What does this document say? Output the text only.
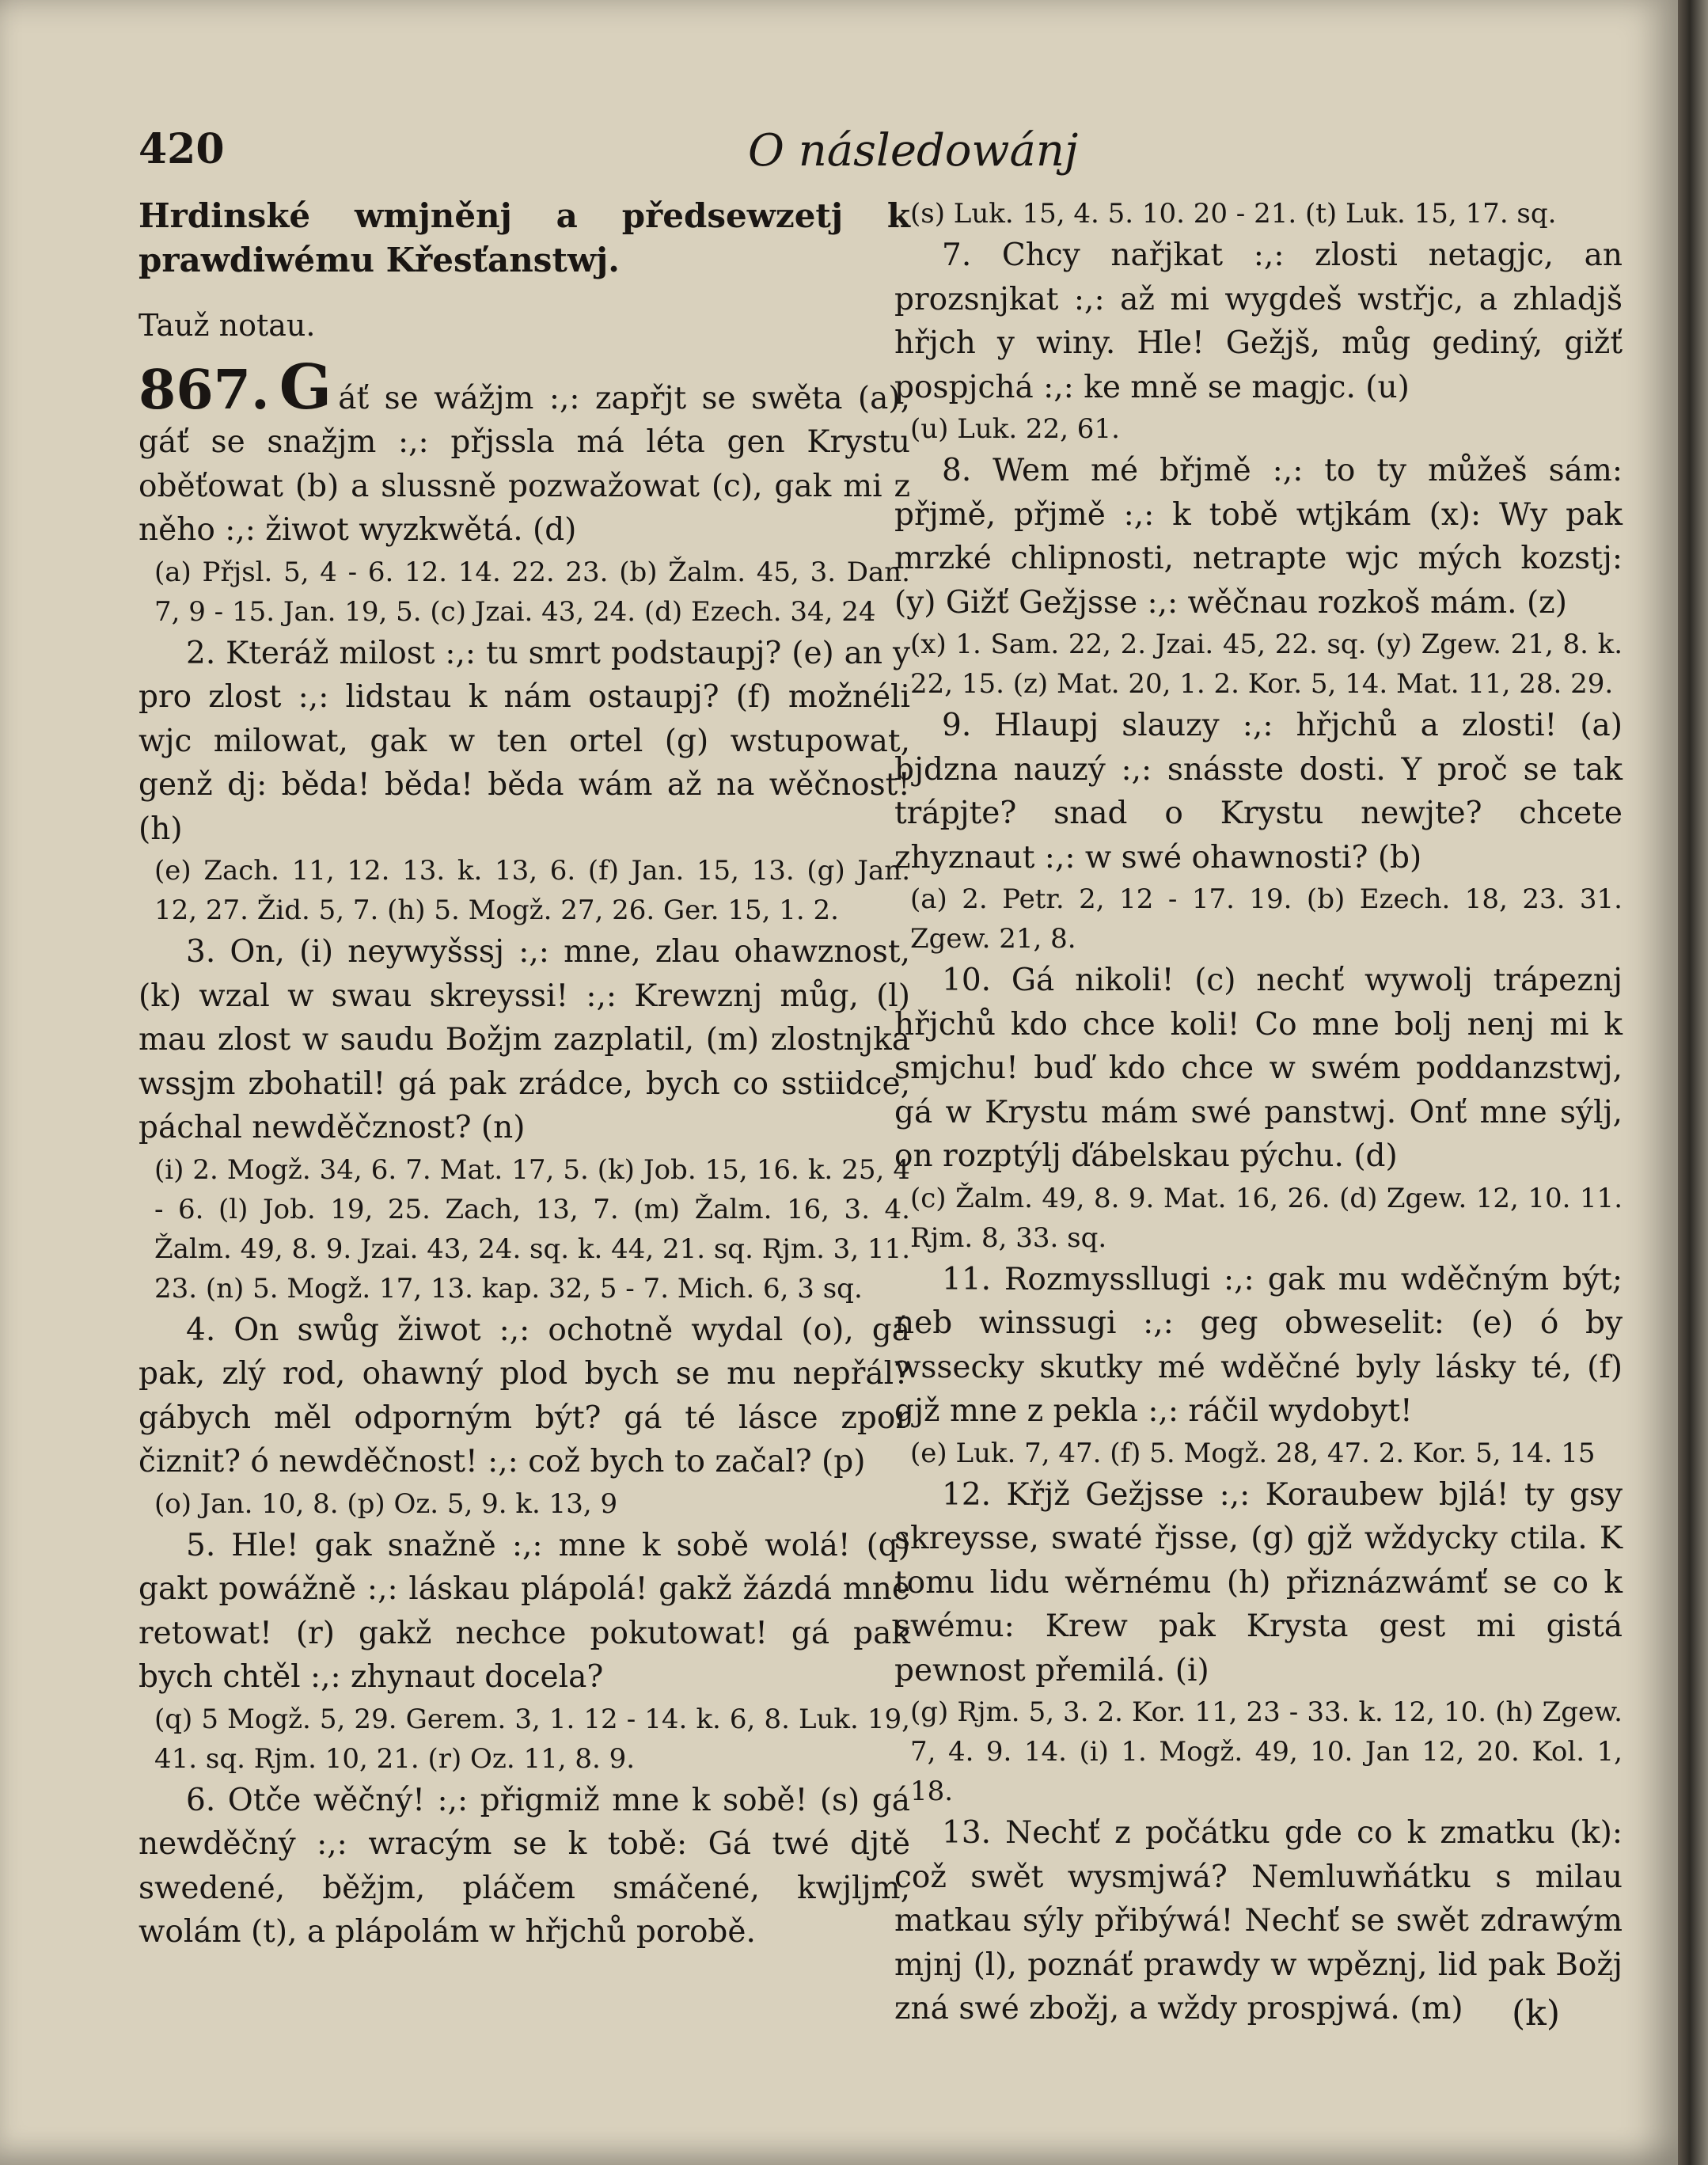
420	O následowánj

Hrdinské wmjněnj a předsewzetj k prawdiwému Křesťanstwj.

Tauž notau.

867. G áť se wážjm :,: zapřjt se swěta (a), gáť se snažjm :,: přjssla má léta gen Krystu oběťowat (b) a slussně pozwažowat (c), gak mi z něho :,: žiwot wyzkwětá. (d)

(a) Přjsl. 5, 4 - 6. 12. 14. 22. 23. (b) Žalm. 45, 3. Dan. 7, 9 - 15. Jan. 19, 5. (c) Jzai. 43, 24. (d) Ezech. 34, 24

2. Kteráž milost :,: tu smrt podstaupj? (e) an y pro zlost :,: lidstau k nám ostaupj? (f) možnéli wjc milowat, gak w ten ortel (g) wstupowat, genž dj: běda! běda! běda wám až na wěčnost! (h)

(e) Zach. 11, 12. 13. k. 13, 6. (f) Jan. 15, 13. (g) Jan. 12, 27. Žid. 5, 7. (h) 5. Mogž. 27, 26. Ger. 15, 1. 2.

3. On, (i) neywyšssj :,: mne, zlau ohawznost, (k) wzal w swau skreyssi! :,: Krewznj můg, (l) mau zlost w saudu Božjm zazplatil, (m) zlostnjka wssjm zbohatil! gá pak zrádce, bych co sstiidce, páchal newděčznost? (n)

(i) 2. Mogž. 34, 6. 7. Mat. 17, 5. (k) Job. 15, 16. k. 25, 4 - 6. (l) Job. 19, 25. Zach, 13, 7. (m) Žalm. 16, 3. 4. Žalm. 49, 8. 9. Jzai. 43, 24. sq. k. 44, 21. sq. Rjm. 3, 11. 23. (n) 5. Mogž. 17, 13. kap. 32, 5 - 7. Mich. 6, 3 sq.

4. On swůg žiwot :,: ochotně wydal (o), gá pak, zlý rod, ohawný plod bych se mu nepřál? gábych měl odporným být? gá té lásce zpor čiznit? ó newděčnost! :,: což bych to začal? (p)

(o) Jan. 10, 8. (p) Oz. 5, 9. k. 13, 9

5. Hle! gak snažně :,: mne k sobě wolá! (q) gakt powážně :,: láskau plápolá! gakž žázdá mne retowat! (r) gakž nechce pokutowat! gá pak bych chtěl :,: zhynaut docela?

(q) 5 Mogž. 5, 29. Gerem. 3, 1. 12 - 14. k. 6, 8. Luk. 19, 41. sq. Rjm. 10, 21. (r) Oz. 11, 8. 9.

6. Otče wěčný! :,: přigmiž mne k sobě! (s) gá newděčný :,: wracým se k tobě: Gá twé djtě swedené, běžjm, pláčem smáčené, kwjljm, wolám (t), a plápolám w hřjchů porobě.

(s) Luk. 15, 4. 5. 10. 20 - 21. (t) Luk. 15, 17. sq.

7. Chcy nařjkat :,: zlosti netagjc, an prozsnjkat :,: až mi wygdeš wstřjc, a zhladjš hřjch y winy. Hle! Gežjš, můg gediný, gižť pospjchá :,: ke mně se magjc. (u)

(u) Luk. 22, 61.

8. Wem mé břjmě :,: to ty můžeš sám: přjmě, přjmě :,: k tobě wtjkám (x): Wy pak mrzké chlipnosti, netrapte wjc mých kozstj: (y) Gižť Gežjsse :,: wěčnau rozkoš mám. (z)

(x) 1. Sam. 22, 2. Jzai. 45, 22. sq. (y) Zgew. 21, 8. k. 22, 15. (z) Mat. 20, 1. 2. Kor. 5, 14. Mat. 11, 28. 29.

9. Hlaupj slauzy :,: hřjchů a zlosti! (a) bjdzna nauzý :,: snásste dosti. Y proč se tak trápjte? snad o Krystu newjte? chcete zhyznaut :,: w swé ohawnosti? (b)

(a) 2. Petr. 2, 12 - 17. 19. (b) Ezech. 18, 23. 31. Zgew. 21, 8.

10. Gá nikoli! (c) nechť wywolj trápeznj hřjchů kdo chce koli! Co mne bolj nenj mi k smjchu! buď kdo chce w swém poddanzstwj, gá w Krystu mám swé panstwj. Onť mne sýlj, on rozptýlj ďábelskau pýchu. (d)

(c) Žalm. 49, 8. 9. Mat. 16, 26. (d) Zgew. 12, 10. 11. Rjm. 8, 33. sq.

11. Rozmyssllugi :,: gak mu wděčným být; neb winssugi :,: geg obweselit: (e) ó by wssecky skutky mé wděčné byly lásky té, (f) gjž mne z pekla :,: ráčil wydobyt!

(e) Luk. 7, 47. (f) 5. Mogž. 28, 47. 2. Kor. 5, 14. 15

12. Křjž Gežjsse :,: Koraubew bjlá! ty gsy skreysse, swaté řjsse, (g) gjž wždycky ctila. K tomu lidu wěrnému (h) přiznázwámť se co k swému: Krew pak Krysta gest mi gistá pewnost přemilá. (i)

(g) Rjm. 5, 3. 2. Kor. 11, 23 - 33. k. 12, 10. (h) Zgew. 7, 4. 9. 14. (i) 1. Mogž. 49, 10. Jan 12, 20. Kol. 1, 18.

13. Nechť z počátku gde co k zmatku (k): což swět wysmjwá? Nemluwňátku s milau matkau sýly přibýwá! Nechť se swět zdrawým mjnj (l), poznáť prawdy w wpěznj, lid pak Božj zná swé zbožj, a wždy prospjwá. (m)	(k)
